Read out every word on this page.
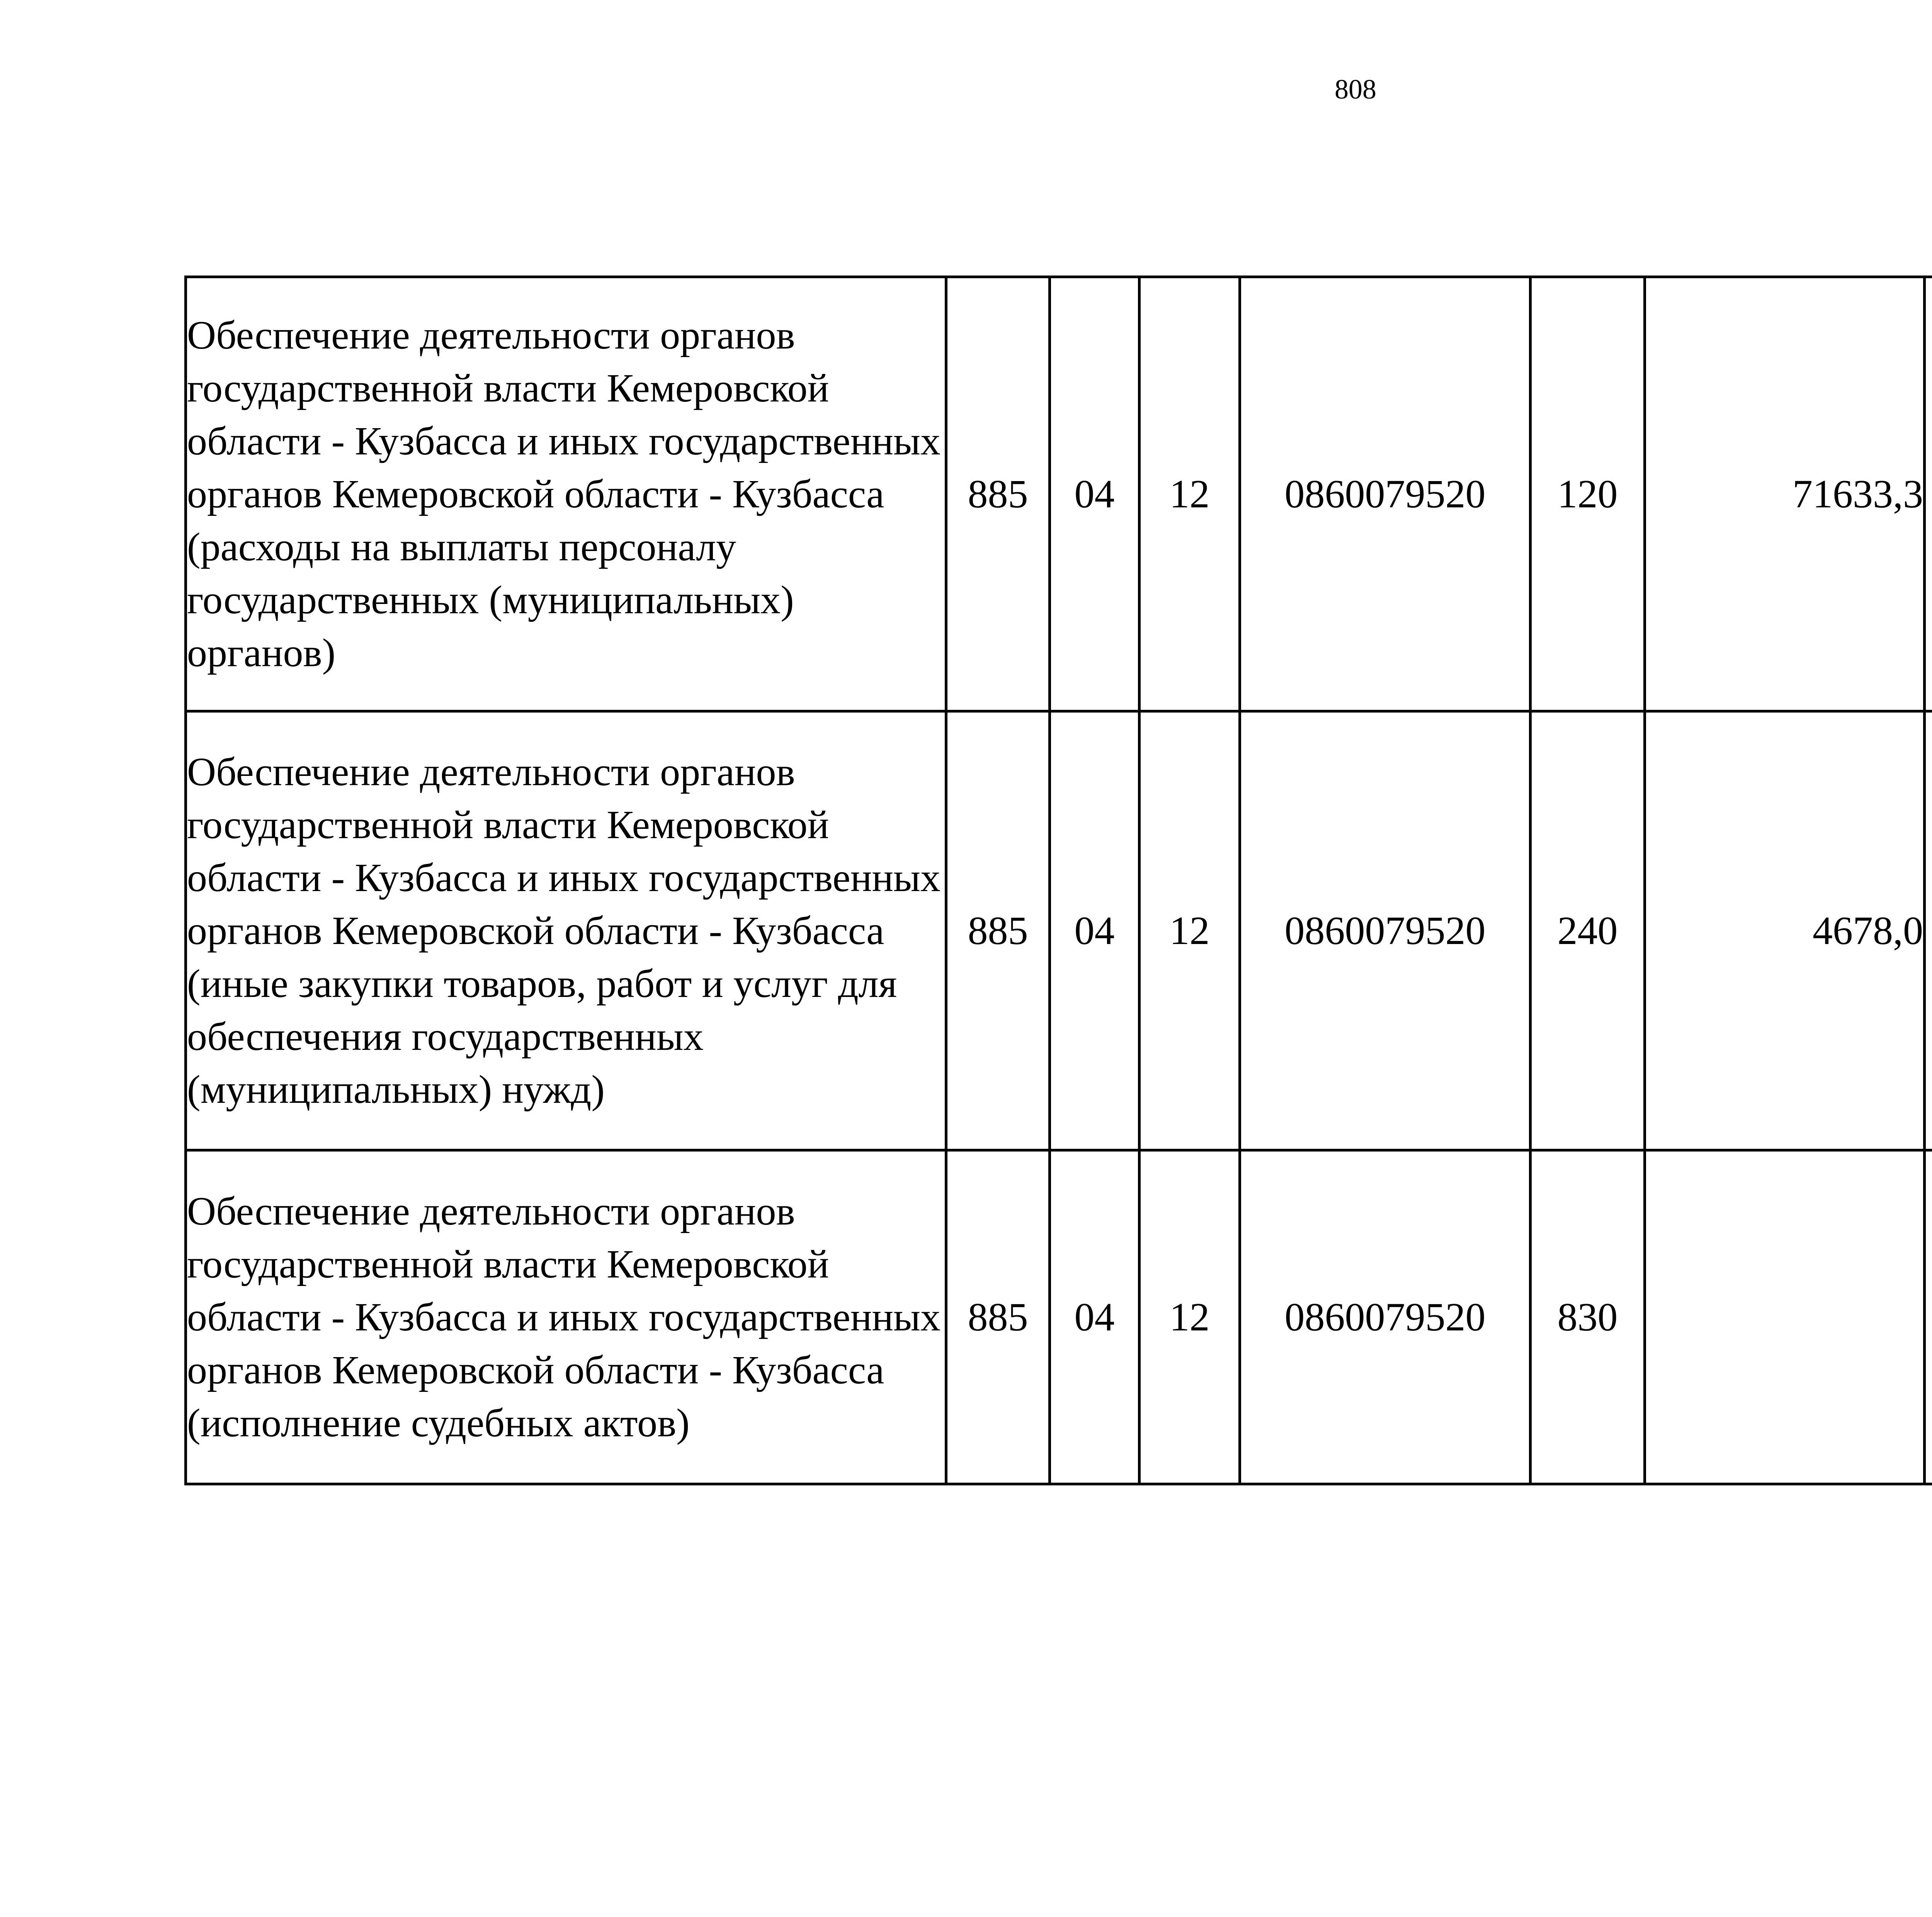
808
Обеспечение деятельности органов государственной власти Кемеровской области - Кузбасса и иных государственных органов Кемеровской области - Кузбасса (расходы на выплаты персоналу государственных (муниципальных) органов)	885	04	12	0860079520	120	71633,3		
Обеспечение деятельности органов государственной власти Кемеровской области - Кузбасса и иных государственных органов Кемеровской области - Кузбасса (иные закупки товаров, работ и услуг для обеспечения государственных (муниципальных) нужд)	885	04	12	0860079520	240	4678,0		
Обеспечение деятельности органов государственной власти Кемеровской области - Кузбасса и иных государственных органов Кемеровской области - Кузбасса (исполнение судебных актов)	885	04	12	0860079520	830			
